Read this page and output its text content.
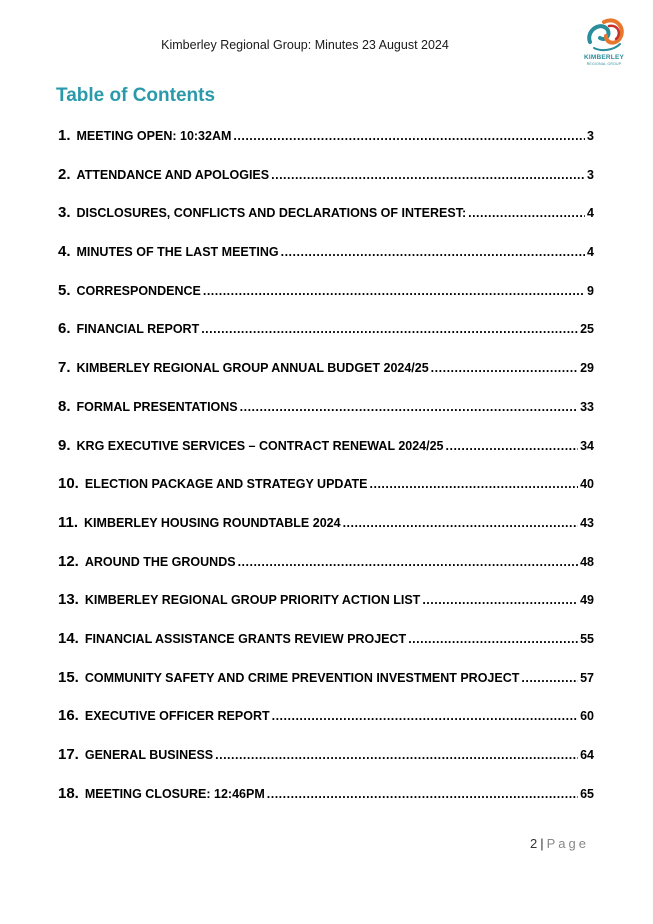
Kimberley Regional Group: Minutes 23 August 2024
KIMBERLEY
REGIONAL GROUP
Table of Contents
1. MEETING OPEN: 10:32AM .....	3
2. ATTENDANCE AND APOLOGIES .....	3
3. DISCLOSURES, CONFLICTS AND DECLARATIONS OF INTEREST: .....	4
4. MINUTES OF THE LAST MEETING .....	4
5. CORRESPONDENCE .....	9
6. FINANCIAL REPORT .....	25
7. KIMBERLEY REGIONAL GROUP ANNUAL BUDGET 2024/25 .....	29
8. FORMAL PRESENTATIONS .....	33
9. KRG EXECUTIVE SERVICES – CONTRACT RENEWAL 2024/25 .....	34
10. ELECTION PACKAGE AND STRATEGY UPDATE .....	40
11. KIMBERLEY HOUSING ROUNDTABLE 2024 .....	43
12. AROUND THE GROUNDS .....	48
13. KIMBERLEY REGIONAL GROUP PRIORITY ACTION LIST .....	49
14. FINANCIAL ASSISTANCE GRANTS REVIEW PROJECT .....	55
15. COMMUNITY SAFETY AND CRIME PREVENTION INVESTMENT PROJECT .....	57
16. EXECUTIVE OFFICER REPORT .....	60
17. GENERAL BUSINESS .....	64
18. MEETING CLOSURE: 12:46PM .....	65
2 | Page
